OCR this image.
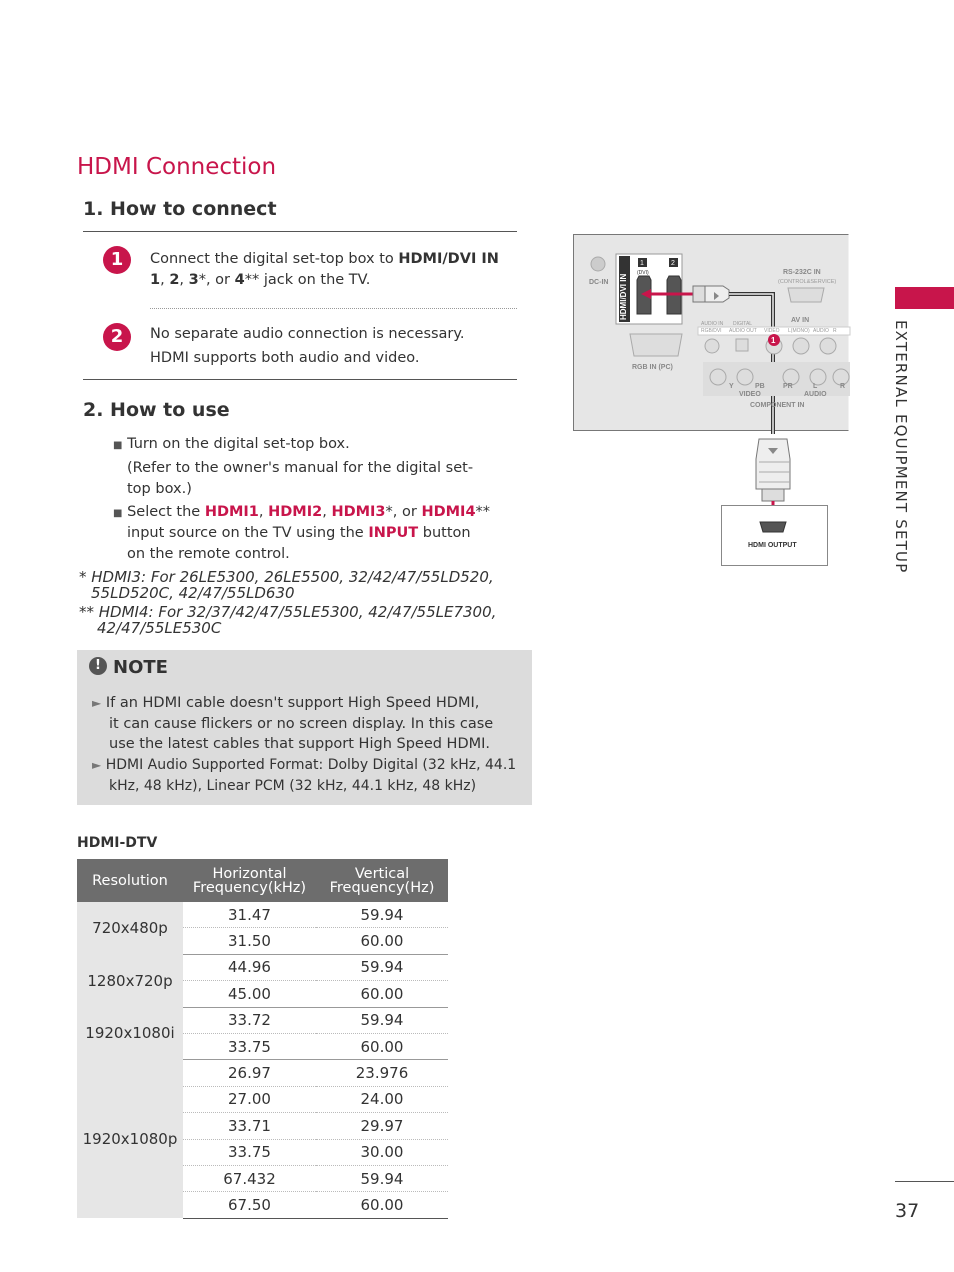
HDMI Connection
1. How to connect
1	Connect the digital set-top box to HDMI/DVI IN
1, 2, 3*, or 4** jack on the TV.
2	No separate audio connection is necessary.
HDMI supports both audio and video.
2. How to use
■ Turn on the digital set-top box.
(Refer to the owner's manual for the digital set-
top box.)
■ Select the HDMI1, HDMI2, HDMI3*, or HDMI4**
input source on the TV using the INPUT button
on the remote control.
* HDMI3: For 26LE5300, 26LE5500, 32/42/47/55LD520,
55LD520C, 42/47/55LD630
** HDMI4: For 32/37/42/47/55LE5300, 42/47/55LE7300,
42/47/55LE530C
! NOTE
► If an HDMI cable doesn't support High Speed HDMI,
it can cause flickers or no screen display. In this case
use the latest cables that support High Speed HDMI.
► HDMI Audio Supported Format: Dolby Digital (32 kHz, 44.1
kHz, 48 kHz), Linear PCM (32 kHz, 44.1 kHz, 48 kHz)
HDMI-DTV
Resolution	Horizontal Frequency(kHz)	Vertical Frequency(Hz)
720x480p	31.47	59.94
	31.50	60.00
1280x720p	44.96	59.94
	45.00	60.00
1920x1080i	33.72	59.94
	33.75	60.00
1920x1080p	26.97	23.976
	27.00	24.00
	33.71	29.97
	33.75	30.00
	67.432	59.94
	67.50	60.00
EXTERNAL EQUIPMENT SETUP
37
DC-IN HDMI/DVI IN
1	2
(DVI)	RS-232C IN
(CONTROL&SERVICE)
AV IN
AUDIO IN
RGB/DVI
DIGITAL
AUDIO OUT VIDEO L(MONO) AUDIO R
RGB IN (PC)
1
Y	PB	PR	L	R
VIDEO	AUDIO
COMPONENT IN
HDMI OUTPUT
